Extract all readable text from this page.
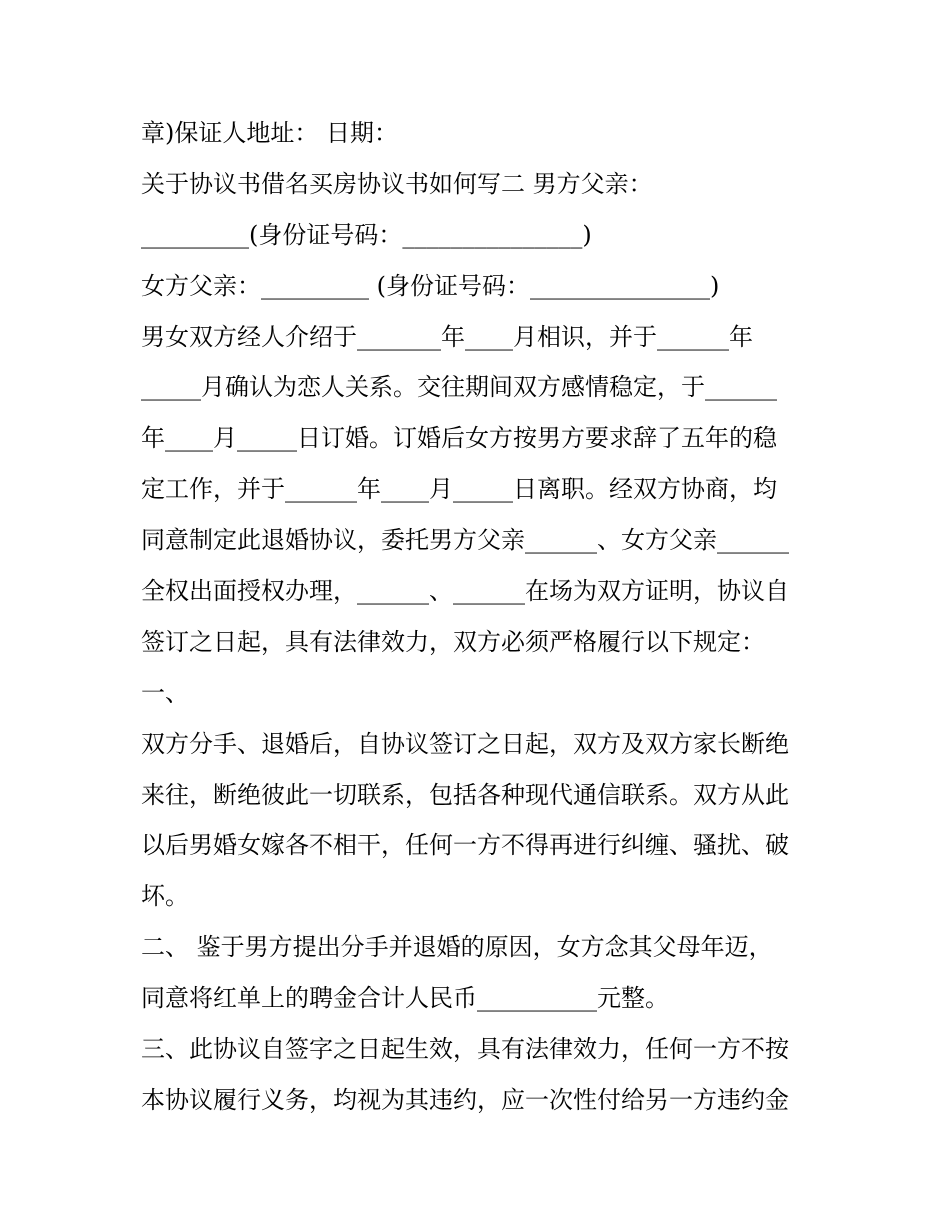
章)保证人地址： 日期：
关于协议书借名买房协议书如何写二 男方父亲：
_________(身份证号码：_______________)
女方父亲：_________ (身份证号码：_______________)
男女双方经人介绍于_______年____月相识，并于______年
_____月确认为恋人关系。交往期间双方感情稳定，于______
年____月_____日订婚。订婚后女方按男方要求辞了五年的稳
定工作，并于______年____月_____日离职。经双方协商，均
同意制定此退婚协议，委托男方父亲______、女方父亲______
全权出面授权办理，______、______在场为双方证明，协议自
签订之日起，具有法律效力，双方必须严格履行以下规定：
一、
双方分手、退婚后，自协议签订之日起，双方及双方家长断绝
来往，断绝彼此一切联系，包括各种现代通信联系。双方从此
以后男婚女嫁各不相干，任何一方不得再进行纠缠、骚扰、破
坏。
二、 鉴于男方提出分手并退婚的原因，女方念其父母年迈，
同意将红单上的聘金合计人民币__________元整。
三、此协议自签字之日起生效，具有法律效力，任何一方不按
本协议履行义务，均视为其违约，应一次性付给另一方违约金
